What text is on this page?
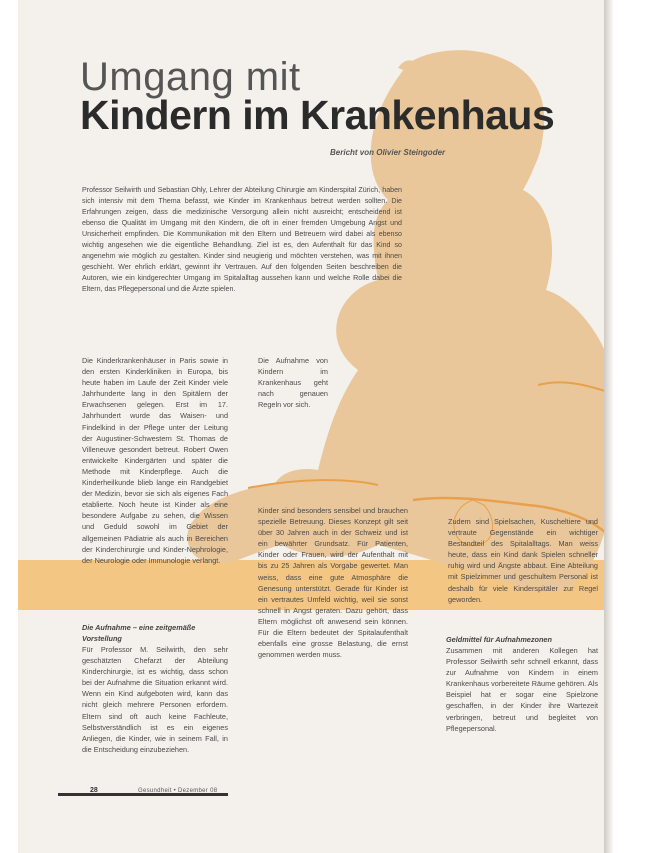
Umgang mit
Kindern im Krankenhaus
Bericht von Olivier Steingoder

Professor Seilwirth und Sebastian Ohly, Lehrer der Abteilung Chirurgie am Kinderspital Zürich, haben sich intensiv mit dem Thema befasst, wie Kinder im Krankenhaus betreut werden sollten. Die Erfahrungen zeigen, dass die medizinische Versorgung allein nicht ausreicht; entscheidend ist ebenso die Qualität im Umgang mit den Kindern, die oft in einer fremden Umgebung Angst und Unsicherheit empfinden. Die Kommunikation mit den Eltern und Betreuern wird dabei als ebenso wichtig angesehen wie die eigentliche Behandlung. Ziel ist es, den Aufenthalt für das Kind so angenehm wie möglich zu gestalten. Kinder sind neugierig und möchten verstehen, was mit ihnen geschieht. Wer ehrlich erklärt, gewinnt ihr Vertrauen. Auf den folgenden Seiten beschreiben die Autoren, wie ein kindgerechter Umgang im Spitalalltag aussehen kann und welche Rolle dabei die Eltern, das Pflegepersonal und die Ärzte spielen.

Die Kinderkrankenhäuser in Paris sowie in den ersten Kinderkliniken in Europa, bis heute haben im Laufe der Zeit Kinder viele Jahrhunderte lang in den Spitälern der Erwachsenen gelegen. Erst im 17. Jahrhundert wurde das Waisen- und Findelkind in der Pflege unter der Leitung der Augustiner-Schwestern St. Thomas de Villeneuve gesondert betreut. Robert Owen entwickelte Kindergärten und später die Methode mit Kinderpflege. Auch die Kinderheilkunde blieb lange ein Randgebiet der Medizin, bevor sie sich als eigenes Fach etablierte. Noch heute ist Kinder als eine besondere Aufgabe zu sehen, die Wissen und Geduld sowohl im Gebiet der allgemeinen Pädiatrie als auch in Bereichen der Kinderchirurgie und Kinder-Nephrologie, der Neurologie oder Immunologie verlangt.

Die Aufnahme – eine zeitgemäße Vorstellung

Für Professor M. Seilwirth, den sehr geschätzten Chefarzt der Abteilung Kinderchirurgie, ist es wichtig, dass schon bei der Aufnahme die Situation erkannt wird. Wenn ein Kind aufgeboten wird, kann das nicht gleich mehrere Personen erfordern. Eltern sind oft auch keine Fachleute, Selbstverständlich ist es ein eigenes Anliegen, die Kinder, wie in seinem Fall, in die Entscheidung einzubeziehen.

Die Aufnahme von Kindern im Krankenhaus geht nach genauen Regeln vor sich.

Kinder sind besonders sensibel und brauchen spezielle Betreuung. Dieses Konzept gilt seit über 30 Jahren auch in der Schweiz und ist ein bewährter Grundsatz. Für Patienten, Kinder oder Frauen, wird der Aufenthalt mit bis zu 25 Jahren als Vorgabe gewertet. Man weiss, dass eine gute Atmosphäre die Genesung unterstützt. Gerade für Kinder ist ein vertrautes Umfeld wichtig, weil sie sonst schnell in Angst geraten. Dazu gehört, dass Eltern möglichst oft anwesend sein können. Für die Eltern bedeutet der Spitalaufenthalt ebenfalls eine grosse Belastung, die ernst genommen werden muss.

Zudem sind Spielsachen, Kuscheltiere und vertraute Gegenstände ein wichtiger Bestandteil des Spitalalltags. Man weiss heute, dass ein Kind dank Spielen schneller ruhig wird und Ängste abbaut. Eine Abteilung mit Spielzimmer und geschultem Personal ist deshalb für viele Kinderspitäler zur Regel geworden.

Geldmittel für Aufnahmezonen

Zusammen mit anderen Kollegen hat Professor Seilwirth sehr schnell erkannt, dass zur Aufnahme von Kindern in einem Krankenhaus vorbereitete Räume gehören. Als Beispiel hat er sogar eine Spielzone geschaffen, in der Kinder ihre Wartezeit verbringen, betreut und begleitet von Pflegepersonal.

28	Gesundheit • Dezember 08
